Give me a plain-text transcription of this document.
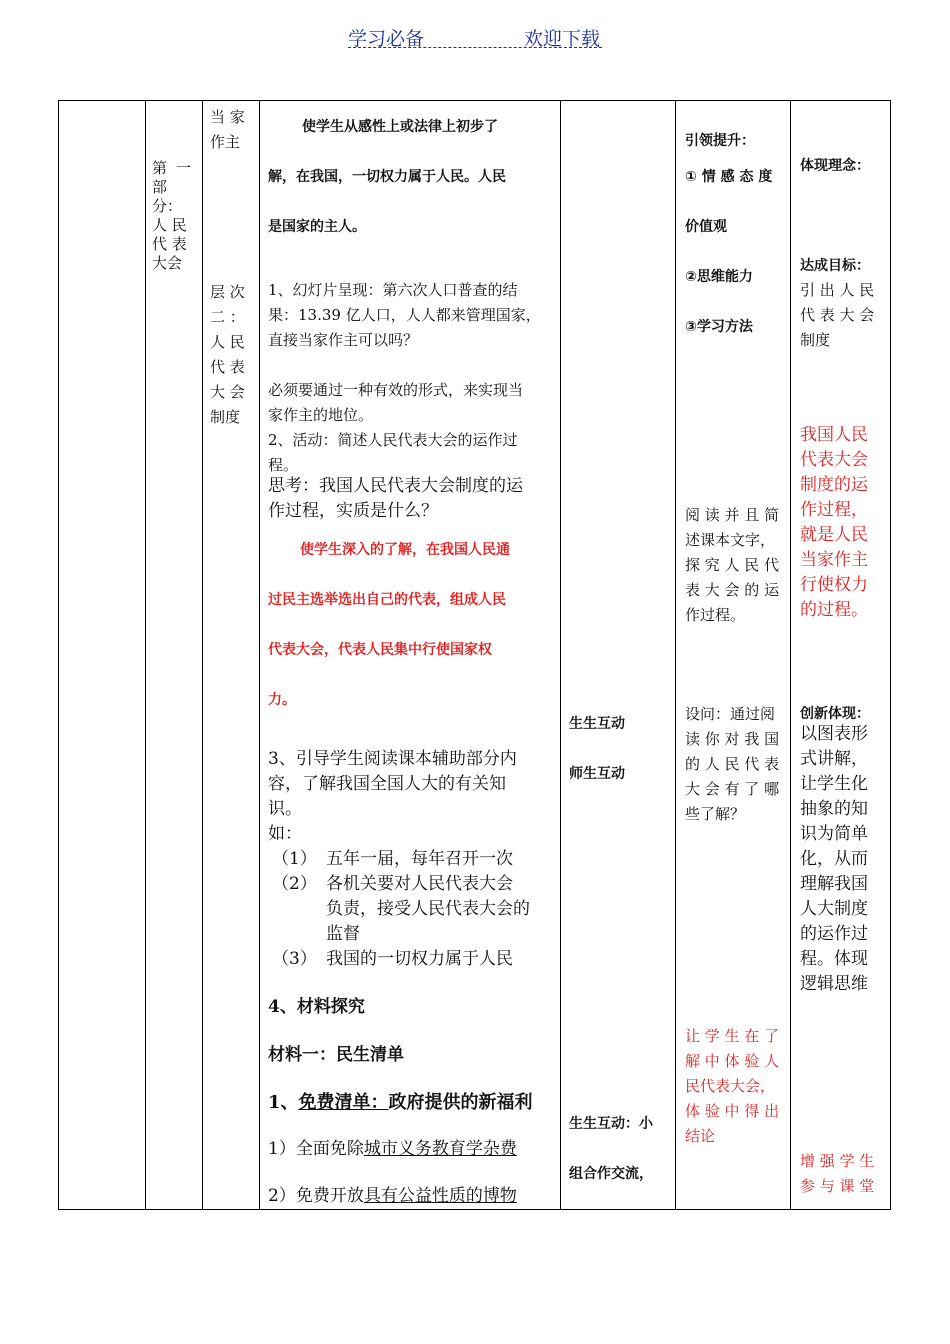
学习必备	欢迎下载
第 一
部
分：
人 民
代 表
大会
当 家
作主
层 次
二 ：
人 民
代 表
大 会
制度
使学生从感性上或法律上初步了
解，在我国，一切权力属于人民。人民
是国家的主人。
1、幻灯片呈现：第六次人口普查的结
果：13.39 亿人口，人人都来管理国家，
直接当家作主可以吗？
必须要通过一种有效的形式，来实现当
家作主的地位。
2、活动：简述人民代表大会的运作过
程。
思考：我国人民代表大会制度的运
作过程，实质是什么？
使学生深入的了解，在我国人民通
过民主选举选出自己的代表，组成人民
代表大会，代表人民集中行使国家权
力。
3、引导学生阅读课本辅助部分内
容，了解我国全国人大的有关知
识。
如：
（1） 五年一届，每年召开一次
（2） 各机关要对人民代表大会
负责，接受人民代表大会的
监督
（3） 我国的一切权力属于人民
4、材料探究
材料一：民生清单
1、免费清单：政府提供的新福利
1）全面免除城市义务教育学杂费
2）免费开放具有公益性质的博物
生生互动
师生互动
生生互动：小
组合作交流，
引领提升：
① 情 感 态 度
价值观
②思维能力
③学习方法
阅 读 并 且 简
述课本文字，
探 究 人 民 代
表 大 会 的 运
作过程。
设问：通过阅
读 你 对 我 国
的 人 民 代 表
大 会 有 了 哪
些了解？
让 学 生 在 了
解 中 体 验 人
民代表大会，
体 验 中 得 出
结论
体现理念：
达成目标：
引 出 人 民
代 表 大 会
制度
我国人民
代表大会
制度的运
作过程，
就是人民
当家作主
行使权力
的过程。
创新体现：
以图表形
式讲解，
让学生化
抽象的知
识为简单
化，从而
理解我国
人大制度
的运作过
程。体现
逻辑思维
增 强 学 生
参 与 课 堂
